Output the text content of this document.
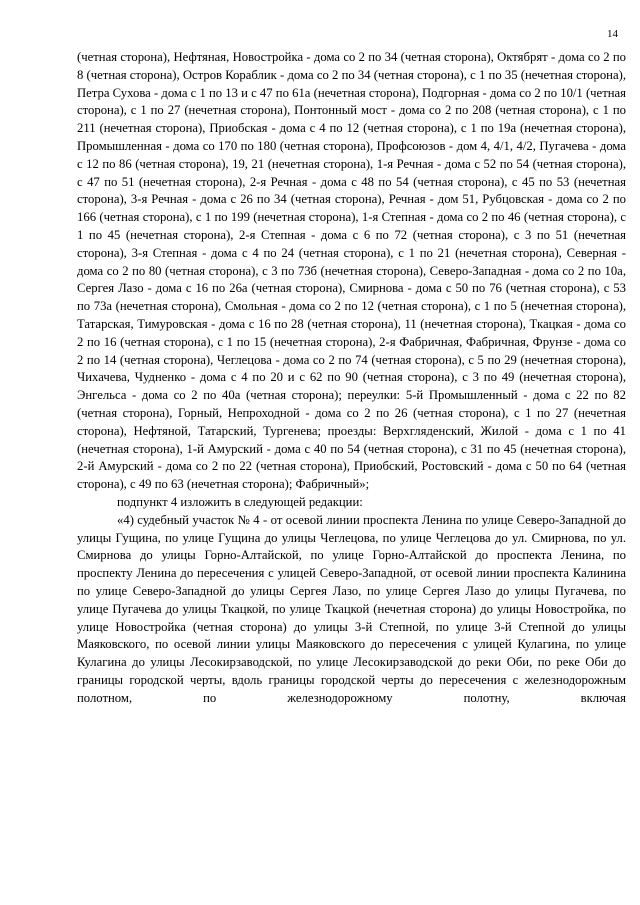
14

(четная сторона), Нефтяная, Новостройка - дома со 2 по 34 (четная сторона), Октябрят - дома со 2 по 8 (четная сторона), Остров Кораблик - дома со 2 по 34 (четная сторона), с 1 по 35 (нечетная сторона), Петра Сухова - дома с 1 по 13 и с 47 по 61а (нечетная сторона), Подгорная - дома со 2 по 10/1 (четная сторона), с 1 по 27 (нечетная сторона), Понтонный мост - дома со 2 по 208 (четная сторона), с 1 по 211 (нечетная сторона), Приобская - дома с 4 по 12 (четная сторона), с 1 по 19а (нечетная сторона), Промышленная - дома со 170 по 180 (четная сторона), Профсоюзов - дом 4, 4/1, 4/2, Пугачева - дома с 12 по 86 (четная сторона), 19, 21 (нечетная сторона), 1-я Речная - дома с 52 по 54 (четная сторона), с 47 по 51 (нечетная сторона), 2-я Речная - дома с 48 по 54 (четная сторона), с 45 по 53 (нечетная сторона), 3-я Речная - дома с 26 по 34 (четная сторона), Речная - дом 51, Рубцовская - дома со 2 по 166 (четная сторона), с 1 по 199 (нечетная сторона), 1-я Степная - дома со 2 по 46 (четная сторона), с 1 по 45 (нечетная сторона), 2-я Степная - дома с 6 по 72 (четная сторона), с 3 по 51 (нечетная сторона), 3-я Степная - дома с 4 по 24 (четная сторона), с 1 по 21 (нечетная сторона), Северная - дома со 2 по 80 (четная сторона), с 3 по 73б (нечетная сторона), Северо-Западная - дома со 2 по 10а, Сергея Лазо - дома с 16 по 26а (четная сторона), Смирнова - дома с 50 по 76 (четная сторона), с 53 по 73а (нечетная сторона), Смольная - дома со 2 по 12 (четная сторона), с 1 по 5 (нечетная сторона), Татарская, Тимуровская - дома с 16 по 28 (четная сторона), 11 (нечетная сторона), Ткацкая - дома со 2 по 16 (четная сторона), с 1 по 15 (нечетная сторона), 2-я Фабричная, Фабричная, Фрунзе - дома со 2 по 14 (четная сторона), Чеглецова - дома со 2 по 74 (четная сторона), с 5 по 29 (нечетная сторона), Чихачева, Чудненко - дома с 4 по 20 и с 62 по 90 (четная сторона), с 3 по 49 (нечетная сторона), Энгельса - дома со 2 по 40а (четная сторона); переулки: 5-й Промышленный - дома с 22 по 82 (четная сторона), Горный, Непроходной - дома со 2 по 26 (четная сторона), с 1 по 27 (нечетная сторона), Нефтяной, Татарский, Тургенева; проезды: Верхгляденский, Жилой - дома с 1 по 41 (нечетная сторона), 1-й Амурский - дома с 40 по 54 (четная сторона), с 31 по 45 (нечетная сторона), 2-й Амурский - дома со 2 по 22 (четная сторона), Приобский, Ростовский - дома с 50 по 64 (четная сторона), с 49 по 63 (нечетная сторона); Фабричный»;

подпункт 4 изложить в следующей редакции:

«4) судебный участок № 4 - от осевой линии проспекта Ленина по улице Северо-Западной до улицы Гущина, по улице Гущина до улицы Чеглецова, по улице Чеглецова до ул. Смирнова, по ул. Смирнова до улицы Горно-Алтайской, по улице Горно-Алтайской до проспекта Ленина, по проспекту Ленина до пересечения с улицей Северо-Западной, от осевой линии проспекта Калинина по улице Северо-Западной до улицы Сергея Лазо, по улице Сергея Лазо до улицы Пугачева, по улице Пугачева до улицы Ткацкой, по улице Ткацкой (нечетная сторона) до улицы Новостройка, по улице Новостройка (четная сторона) до улицы 3-й Степной, по улице 3-й Степной до улицы Маяковского, по осевой линии улицы Маяковского до пересечения с улицей Кулагина, по улице Кулагина до улицы Лесокирзаводской, по улице Лесокирзаводской до реки Оби, по реке Оби до границы городской черты, вдоль границы городской черты до пересечения с железнодорожным полотном, по железнодорожному полотну, включая
